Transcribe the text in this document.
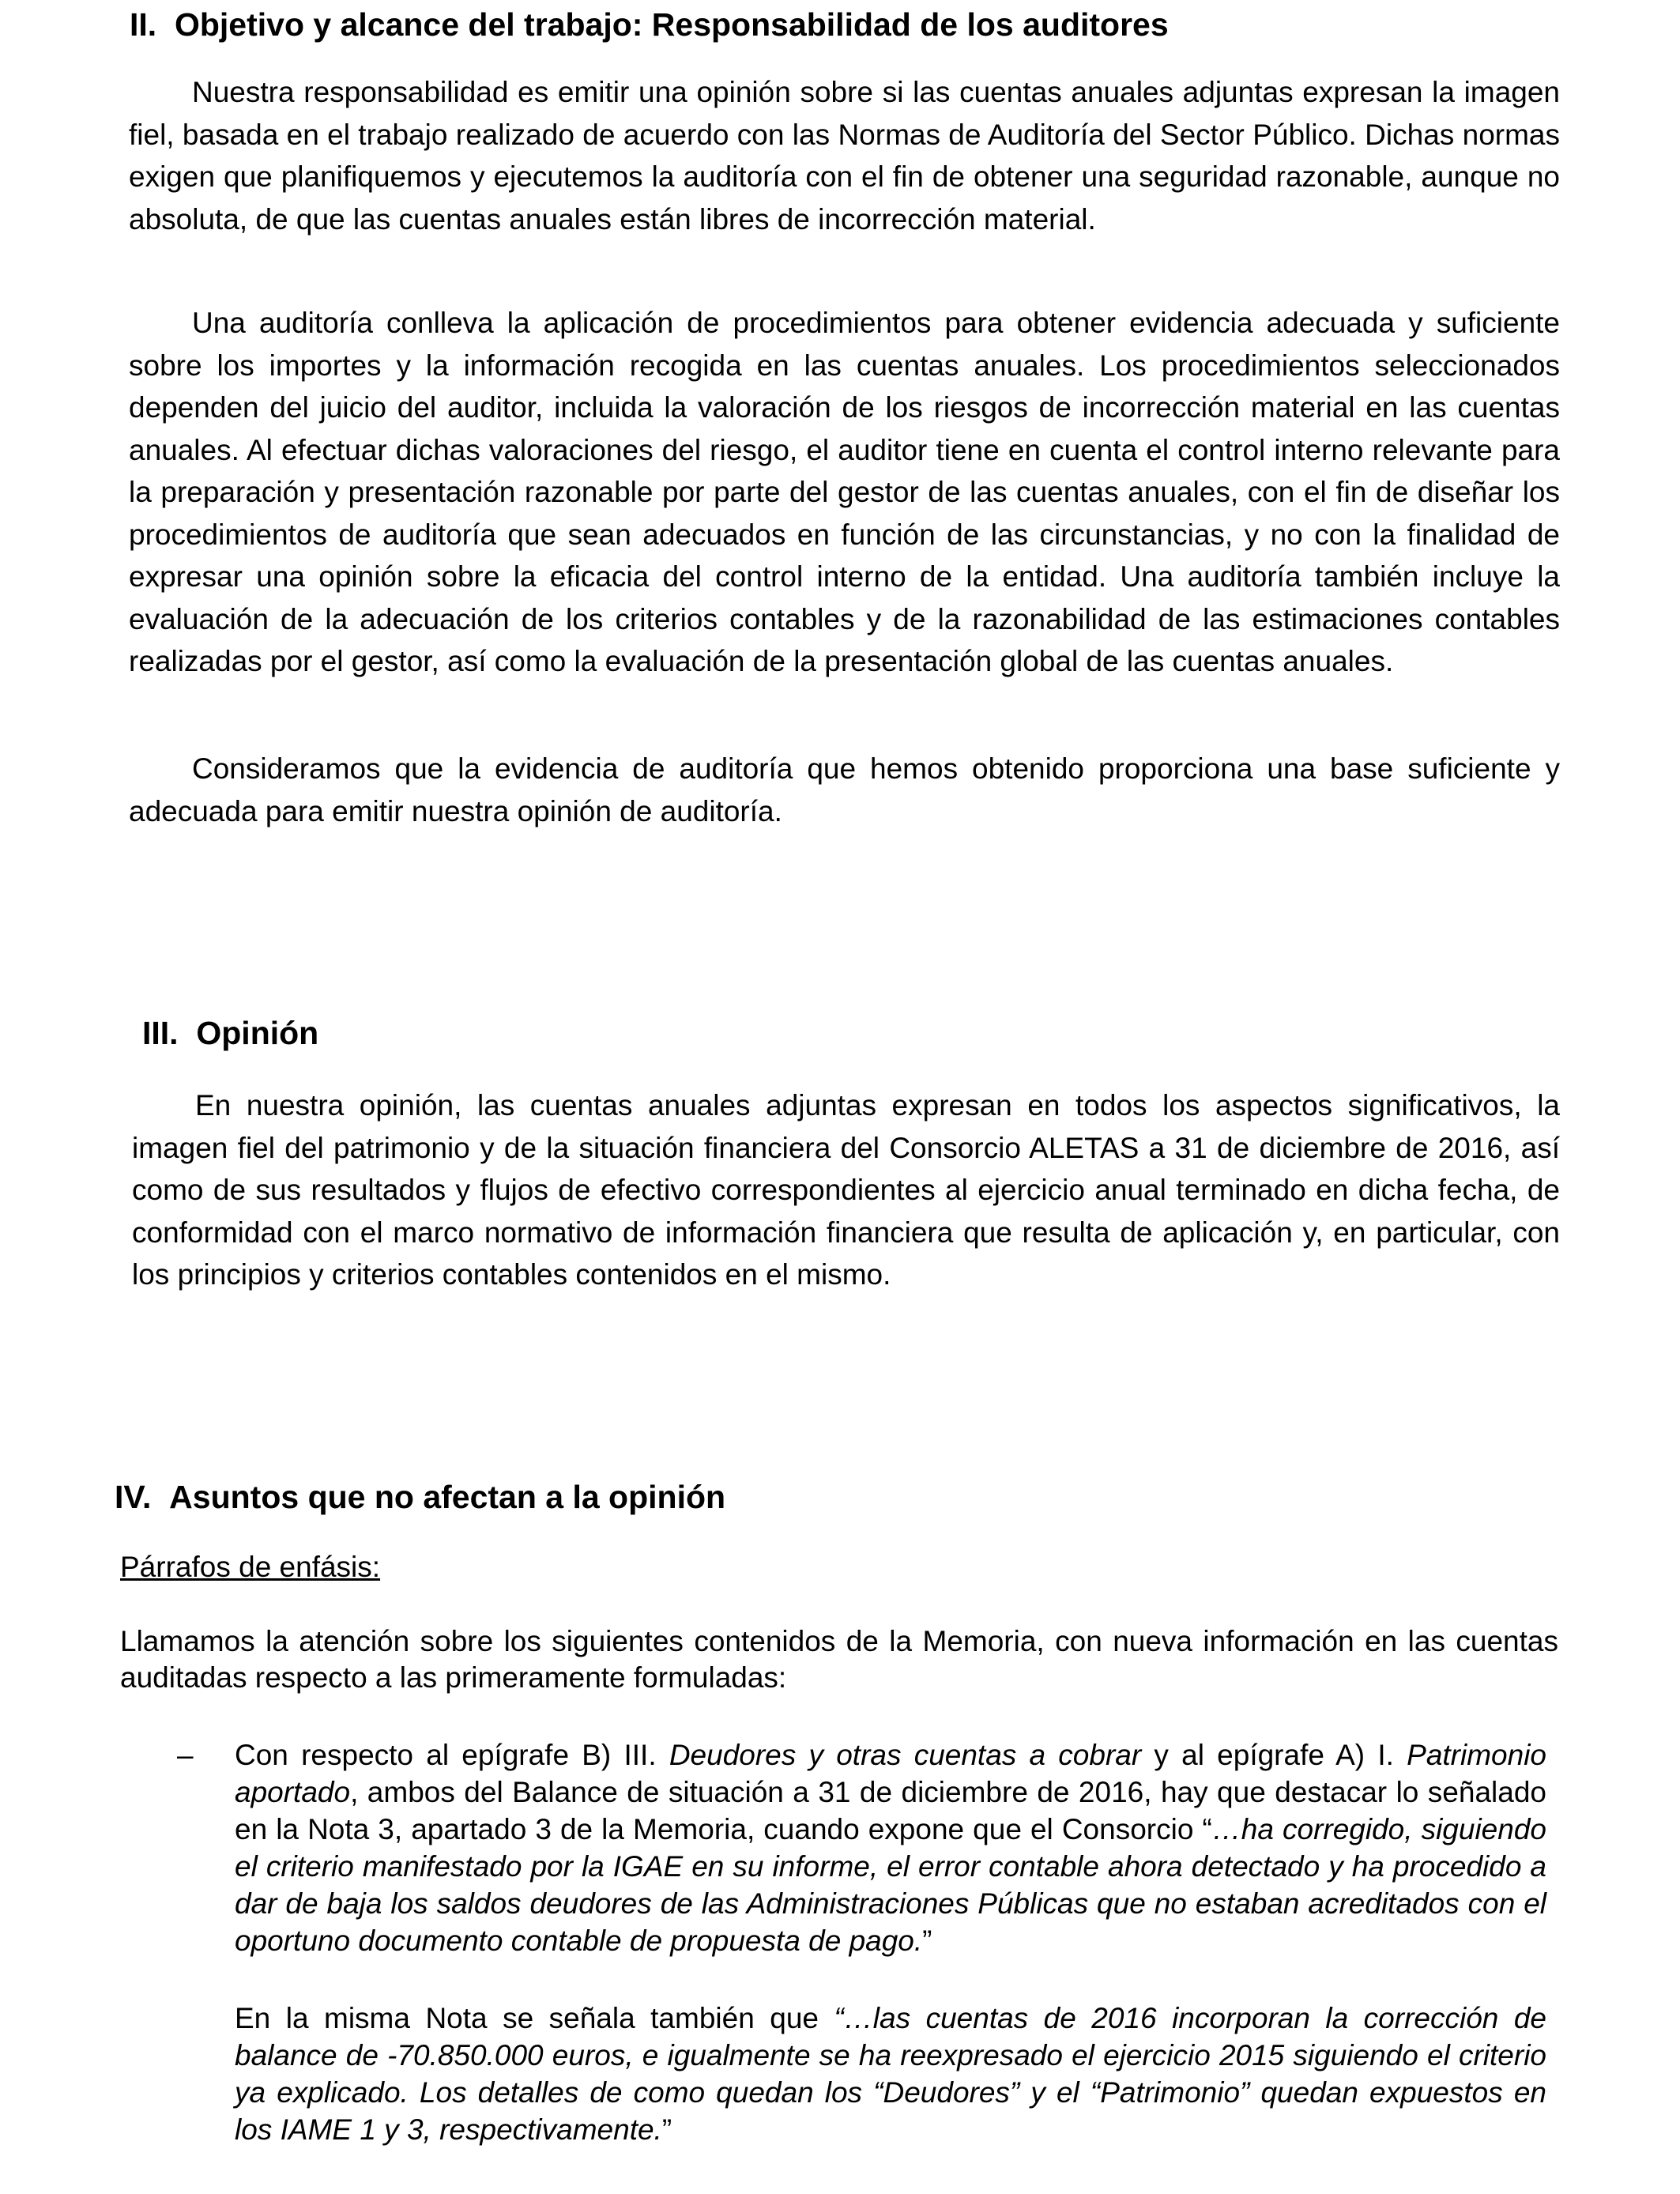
II. Objetivo y alcance del trabajo: Responsabilidad de los auditores

Nuestra responsabilidad es emitir una opinión sobre si las cuentas anuales adjuntas expresan la imagen fiel, basada en el trabajo realizado de acuerdo con las Normas de Auditoría del Sector Público. Dichas normas exigen que planifiquemos y ejecutemos la auditoría con el fin de obtener una seguridad razonable, aunque no absoluta, de que las cuentas anuales están libres de incorrección material.

Una auditoría conlleva la aplicación de procedimientos para obtener evidencia adecuada y suficiente sobre los importes y la información recogida en las cuentas anuales. Los procedimientos seleccionados dependen del juicio del auditor, incluida la valoración de los riesgos de incorrección material en las cuentas anuales. Al efectuar dichas valoraciones del riesgo, el auditor tiene en cuenta el control interno relevante para la preparación y presentación razonable por parte del gestor de las cuentas anuales, con el fin de diseñar los procedimientos de auditoría que sean adecuados en función de las circunstancias, y no con la finalidad de expresar una opinión sobre la eficacia del control interno de la entidad. Una auditoría también incluye la evaluación de la adecuación de los criterios contables y de la razonabilidad de las estimaciones contables realizadas por el gestor, así como la evaluación de la presentación global de las cuentas anuales.

Consideramos que la evidencia de auditoría que hemos obtenido proporciona una base suficiente y adecuada para emitir nuestra opinión de auditoría.

III. Opinión

En nuestra opinión, las cuentas anuales adjuntas expresan en todos los aspectos significativos, la imagen fiel del patrimonio y de la situación financiera del Consorcio ALETAS a 31 de diciembre de 2016, así como de sus resultados y flujos de efectivo correspondientes al ejercicio anual terminado en dicha fecha, de conformidad con el marco normativo de información financiera que resulta de aplicación y, en particular, con los principios y criterios contables contenidos en el mismo.

IV. Asuntos que no afectan a la opinión

Párrafos de enfásis:

Llamamos la atención sobre los siguientes contenidos de la Memoria, con nueva información en las cuentas auditadas respecto a las primeramente formuladas:

– Con respecto al epígrafe B) III. Deudores y otras cuentas a cobrar y al epígrafe A) I. Patrimonio aportado, ambos del Balance de situación a 31 de diciembre de 2016, hay que destacar lo señalado en la Nota 3, apartado 3 de la Memoria, cuando expone que el Consorcio “…ha corregido, siguiendo el criterio manifestado por la IGAE en su informe, el error contable ahora detectado y ha procedido a dar de baja los saldos deudores de las Administraciones Públicas que no estaban acreditados con el oportuno documento contable de propuesta de pago.”

En la misma Nota se señala también que “…las cuentas de 2016 incorporan la corrección de balance de -70.850.000 euros, e igualmente se ha reexpresado el ejercicio 2015 siguiendo el criterio ya explicado. Los detalles de como quedan los “Deudores” y el “Patrimonio” quedan expuestos en los IAME 1 y 3, respectivamente.”
